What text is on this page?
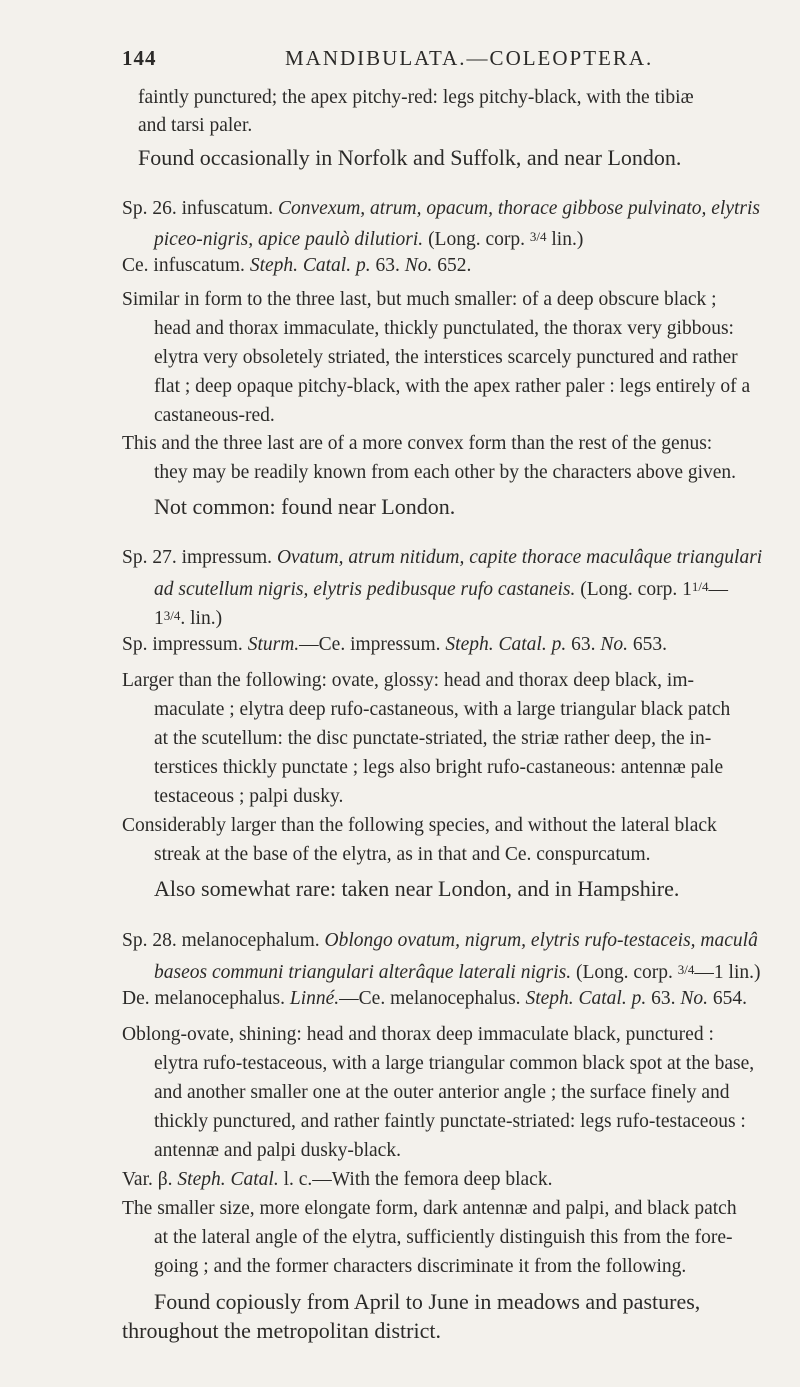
144	MANDIBULATA.—COLEOPTERA.
faintly punctured; the apex pitchy-red: legs pitchy-black, with the tibiæ
and tarsi paler.
Found occasionally in Norfolk and Suffolk, and near London.
Sp. 26. infuscatum. Convexum, atrum, opacum, thorace gibbose pulvinato, elytris
piceo-nigris, apice paulò dilutiori. (Long. corp. $^{3/4}$ lin.)
Ce. infuscatum. Steph. Catal. p. 63. No. 652.
Similar in form to the three last, but much smaller: of a deep obscure black ;
head and thorax immaculate, thickly punctulated, the thorax very gibbous:
elytra very obsoletely striated, the interstices scarcely punctured and rather
flat ; deep opaque pitchy-black, with the apex rather paler : legs entirely of a
castaneous-red.
This and the three last are of a more convex form than the rest of the genus:
they may be readily known from each other by the characters above given.
Not common: found near London.
Sp. 27. impressum. Ovatum, atrum nitidum, capite thorace maculâque triangulari
ad scutellum nigris, elytris pedibusque rufo castaneis. (Long. corp. $1^{1/4}—$
$1^{3/4}$. lin.)
Sp. impressum. Sturm.—Ce. impressum. Steph. Catal. p. 63. No. 653.
Larger than the following: ovate, glossy: head and thorax deep black, im-
maculate ; elytra deep rufo-castaneous, with a large triangular black patch
at the scutellum: the disc punctate-striated, the striæ rather deep, the in-
terstices thickly punctate ; legs also bright rufo-castaneous: antennæ pale
testaceous ; palpi dusky.
Considerably larger than the following species, and without the lateral black
streak at the base of the elytra, as in that and Ce. conspurcatum.
Also somewhat rare: taken near London, and in Hampshire.
Sp. 28. melanocephalum. Oblongo ovatum, nigrum, elytris rufo-testaceis, maculâ
baseos communi triangulari alterâque laterali nigris. (Long. corp. $^{3/4}$—1 lin.)
De. melanocephalus. Linné.—Ce. melanocephalus. Steph. Catal. p. 63. No. 654.
Oblong-ovate, shining: head and thorax deep immaculate black, punctured :
elytra rufo-testaceous, with a large triangular common black spot at the base,
and another smaller one at the outer anterior angle ; the surface finely and
thickly punctured, and rather faintly punctate-striated: legs rufo-testaceous :
antennæ and palpi dusky-black.
Var. β. Steph. Catal. l. c.—With the femora deep black.
The smaller size, more elongate form, dark antennæ and palpi, and black patch
at the lateral angle of the elytra, sufficiently distinguish this from the fore-
going ; and the former characters discriminate it from the following.
Found copiously from April to June in meadows and pastures,
throughout the metropolitan district.
